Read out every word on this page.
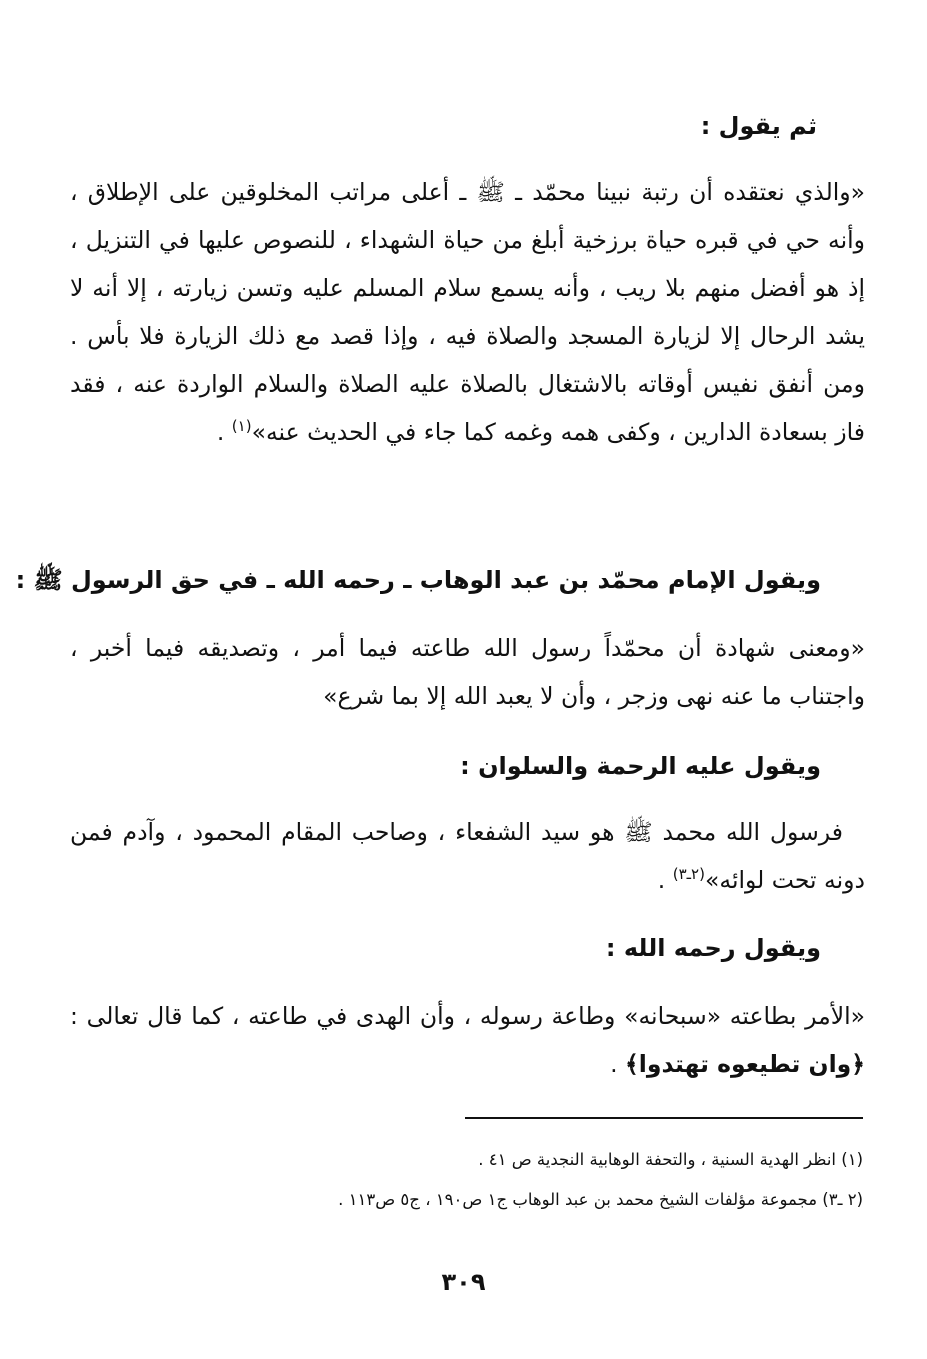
ثم يقول :
«والذي نعتقده أن رتبة نبينا محمّد ـ ﷺ ـ أعلى مراتب المخلوقين على الإطلاق ، وأنه حي في قبره حياة برزخية أبلغ من حياة الشهداء ، للنصوص عليها في التنزيل ، إذ هو أفضل منهم بلا ريب ، وأنه يسمع سلام المسلم عليه وتسن زيارته ، إلا أنه لا يشد الرحال إلا لزيارة المسجد والصلاة فيه ، وإذا قصد مع ذلك الزيارة فلا بأس . ومن أنفق نفيس أوقاته بالاشتغال بالصلاة عليه الصلاة والسلام الواردة عنه ، فقد فاز بسعادة الدارين ، وكفى همه وغمه كما جاء في الحديث عنه»$^{(١)}$ .
ويقول الإمام محمّد بن عبد الوهاب ـ رحمه الله ـ في حق الرسول ﷺ :
«ومعنى شهادة أن محمّداً رسول الله طاعته فيما أمر ، وتصديقه فيما أخبر ، واجتناب ما عنه نهى وزجر ، وأن لا يعبد الله إلا بما شرع»
ويقول عليه الرحمة والسلوان :
فرسول الله محمد ﷺ هو سيد الشفعاء ، وصاحب المقام المحمود ، وآدم فمن دونه تحت لوائه»$^{(٢ـ٣)}$ .
ويقول رحمه الله :
«الأمر بطاعته «سبحانه» وطاعة رسوله ، وأن الهدى في طاعته ، كما قال تعالى : ﴿وان تطيعوه تهتدوا﴾ .
(١) انظر الهدية السنية ، والتحفة الوهابية النجدية ص ٤١ .
(٢ ـ٣) مجموعة مؤلفات الشيخ محمد بن عبد الوهاب ج١ ص١٩٠ ، ج٥ ص١١٣ .
٣٠٩
